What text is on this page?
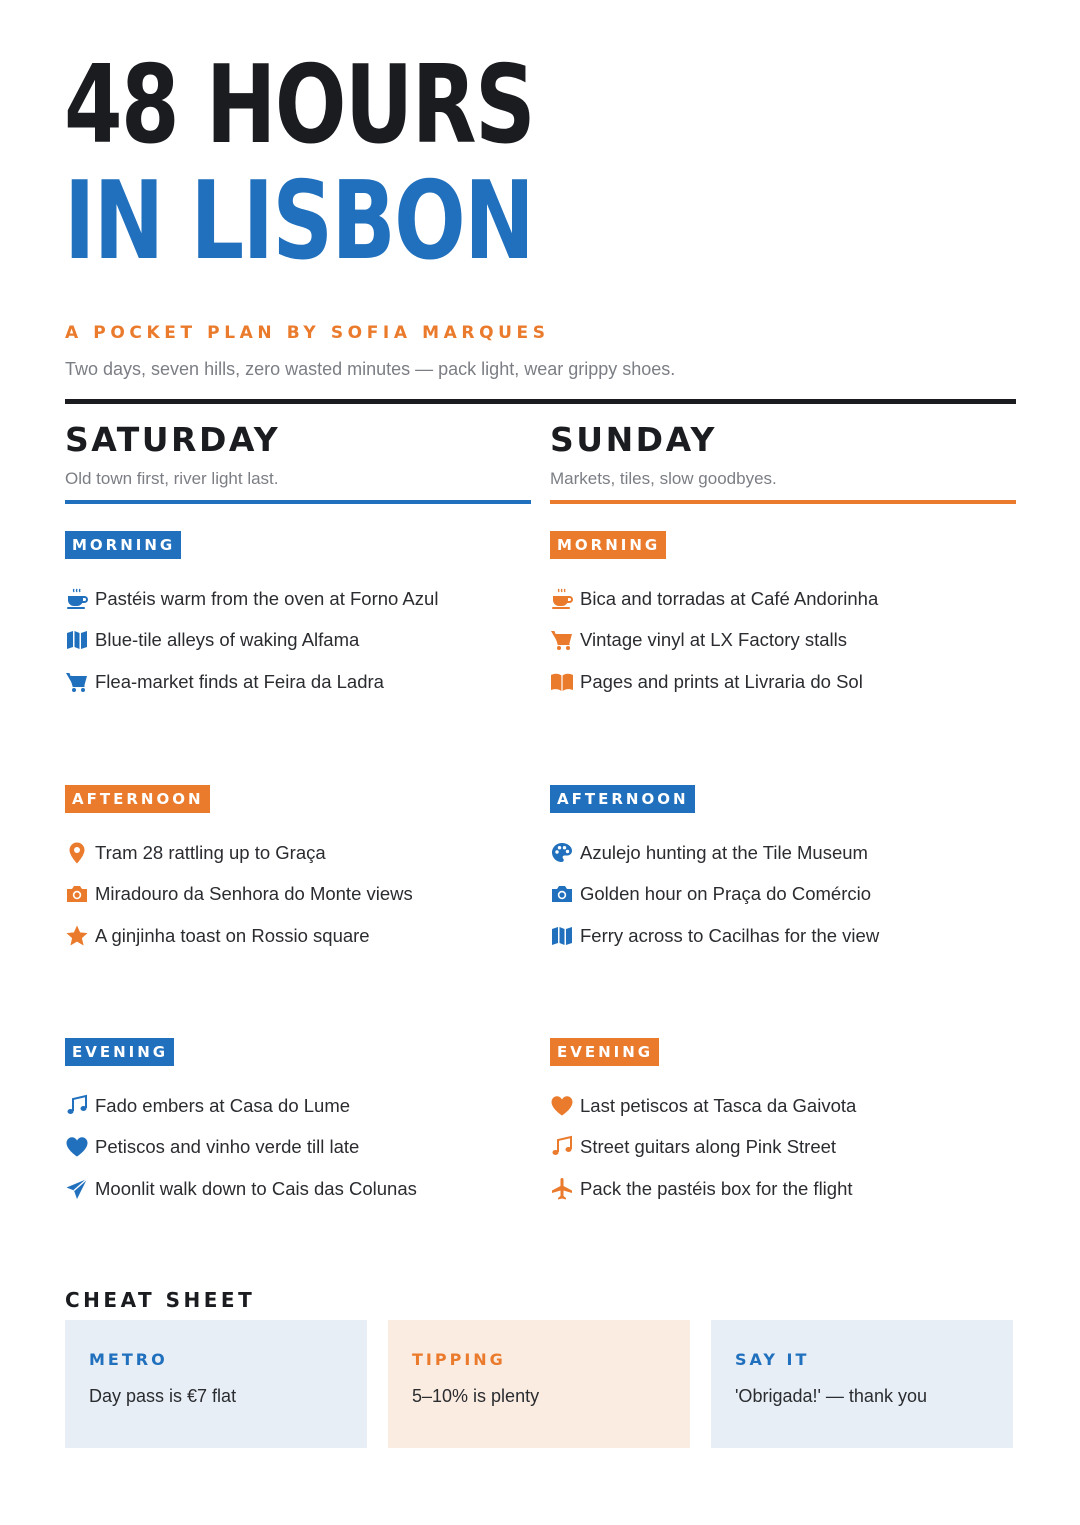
48 HOURS
IN LISBON
A POCKET PLAN BY SOFIA MARQUES
Two days, seven hills, zero wasted minutes — pack light, wear grippy shoes.
SATURDAY
Old town first, river light last.
SUNDAY
Markets, tiles, slow goodbyes.
MORNING
Pastéis warm from the oven at Forno Azul
Blue-tile alleys of waking Alfama
Flea-market finds at Feira da Ladra
AFTERNOON
Tram 28 rattling up to Graça
Miradouro da Senhora do Monte views
A ginjinha toast on Rossio square
EVENING
Fado embers at Casa do Lume
Petiscos and vinho verde till late
Moonlit walk down to Cais das Colunas
MORNING
Bica and torradas at Café Andorinha
Vintage vinyl at LX Factory stalls
Pages and prints at Livraria do Sol
AFTERNOON
Azulejo hunting at the Tile Museum
Golden hour on Praça do Comércio
Ferry across to Cacilhas for the view
EVENING
Last petiscos at Tasca da Gaivota
Street guitars along Pink Street
Pack the pastéis box for the flight
CHEAT SHEET
METRO
Day pass is €7 flat
TIPPING
5–10% is plenty
SAY IT
'Obrigada!' — thank you
